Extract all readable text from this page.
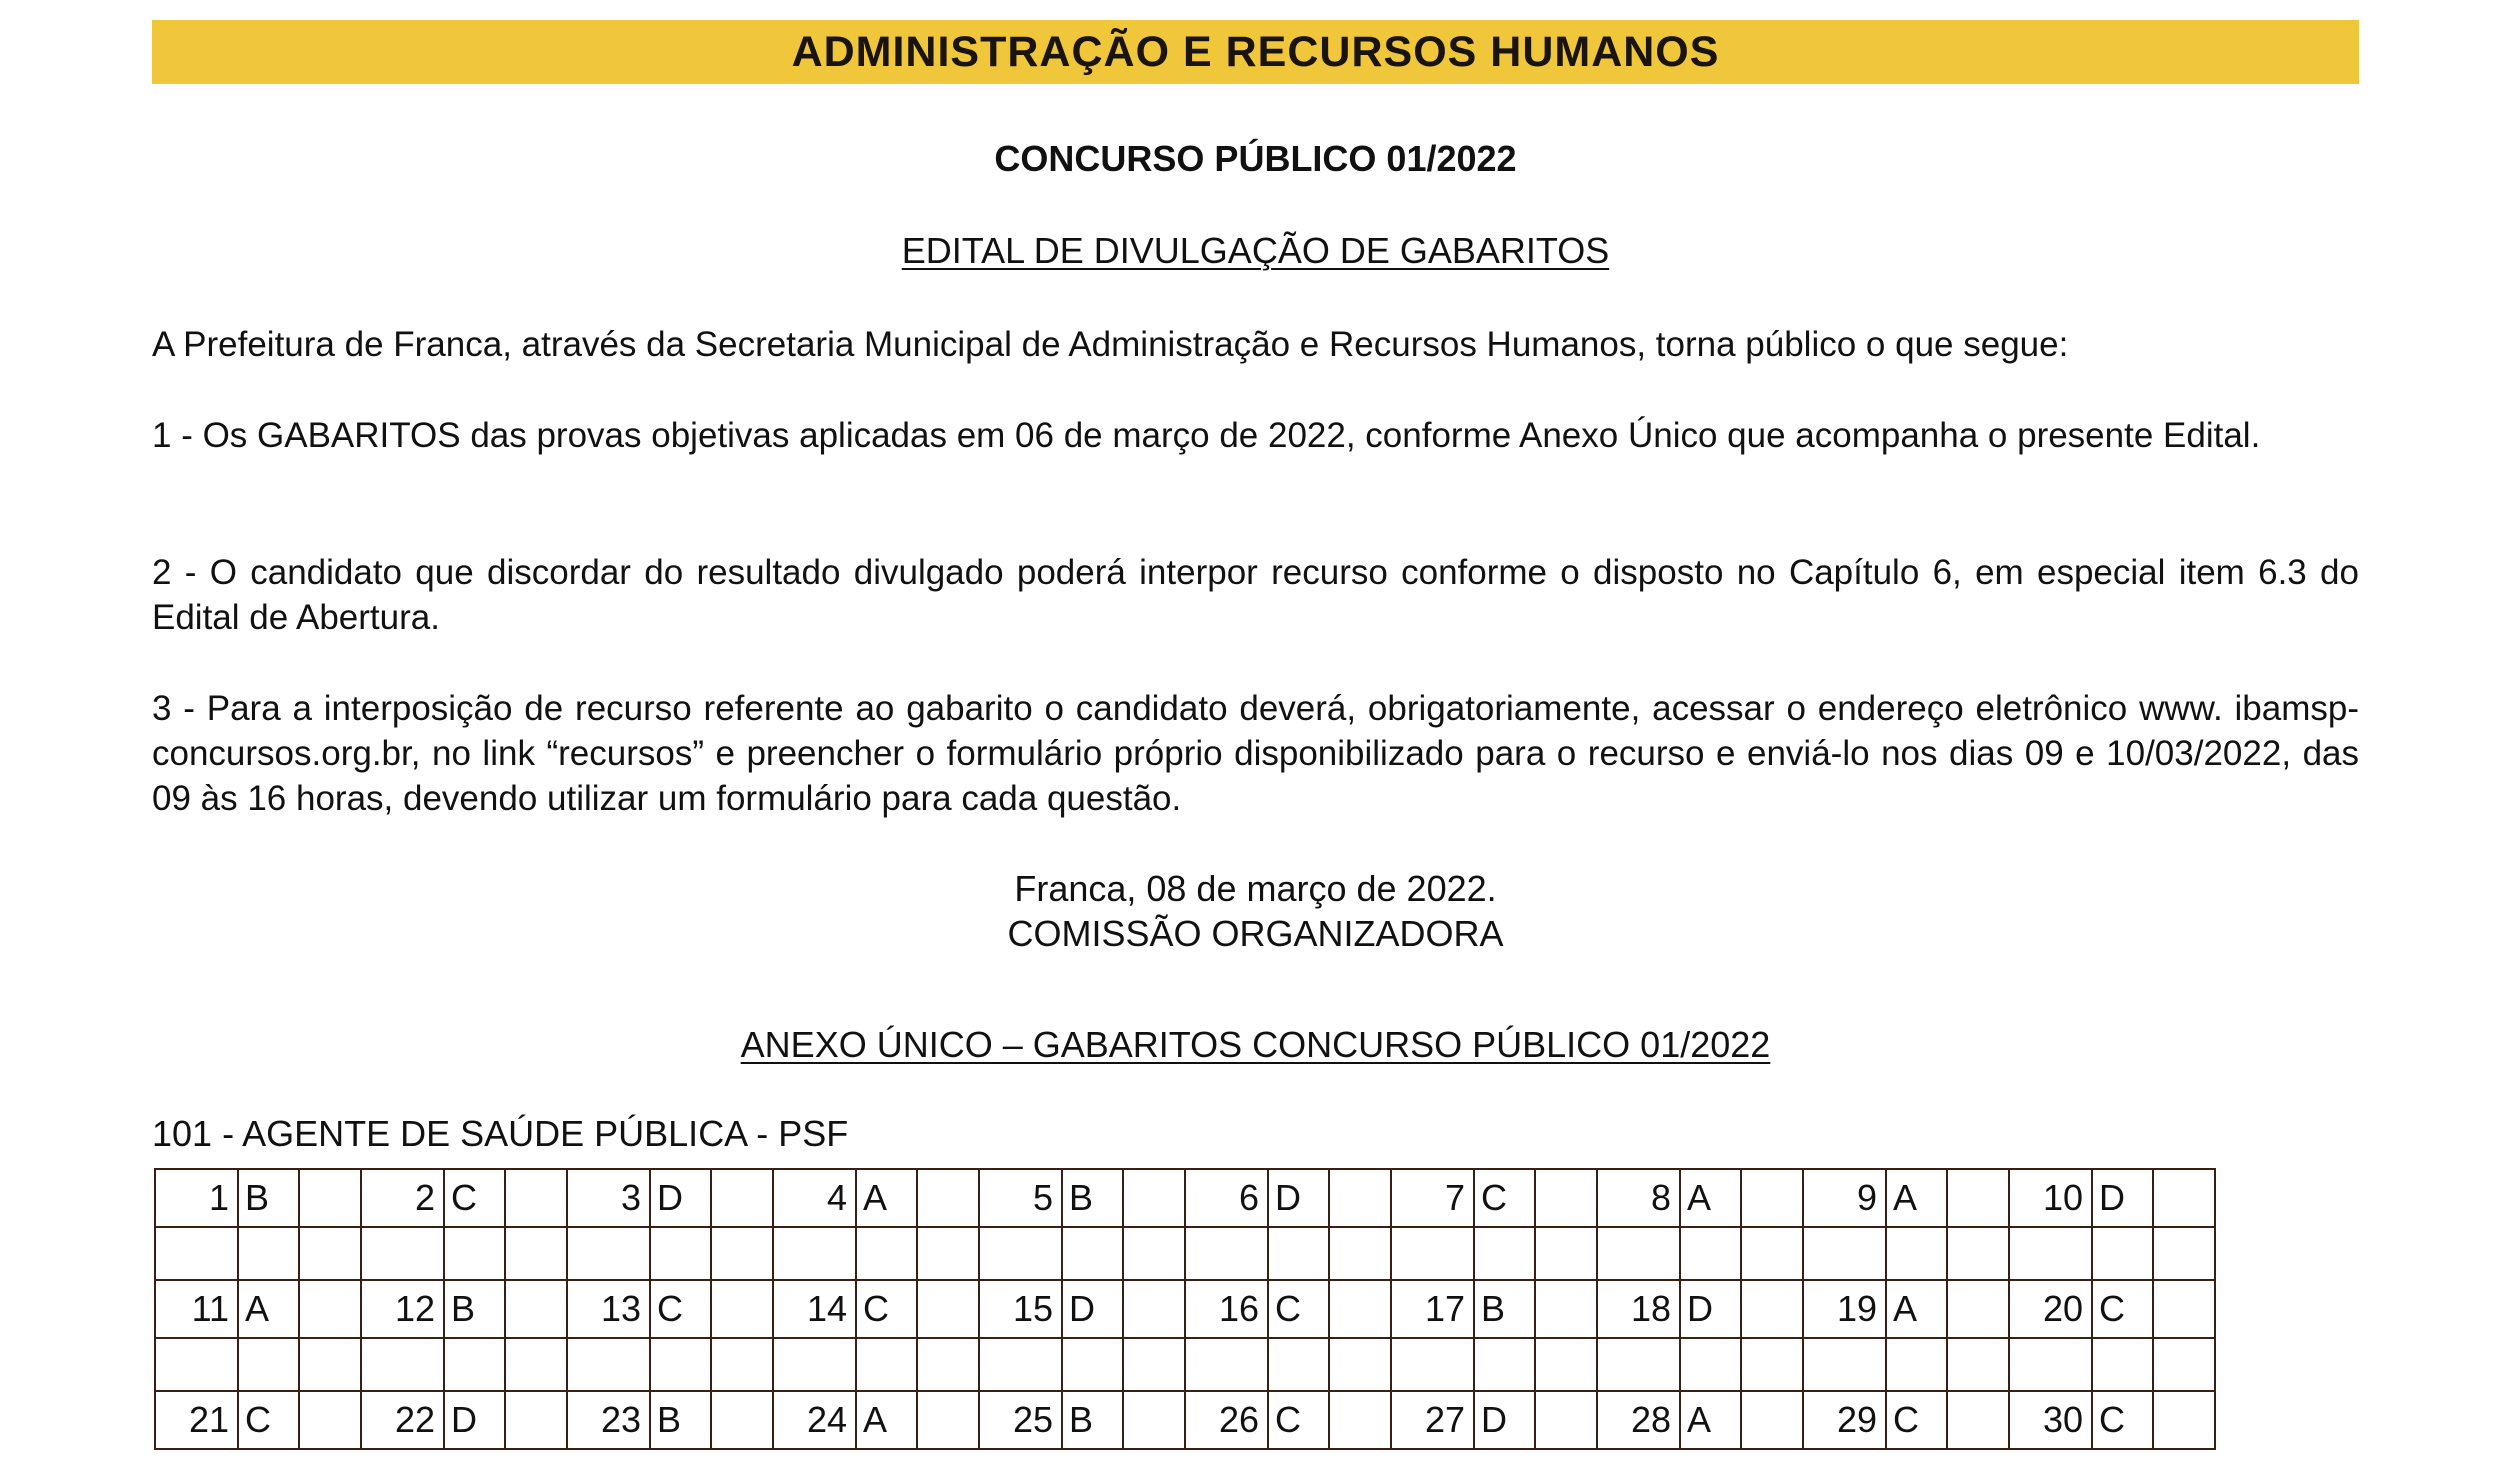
ADMINISTRAÇÃO E RECURSOS HUMANOS
CONCURSO PÚBLICO 01/2022
EDITAL DE DIVULGAÇÃO DE GABARITOS
A Prefeitura de Franca, através da Secretaria Municipal de Administração e Recursos Humanos, torna público o que segue:
1 - Os GABARITOS das provas objetivas aplicadas em 06 de março de 2022, conforme Anexo Único que acompanha o presente Edital.
2 - O candidato que discordar do resultado divulgado poderá interpor recurso conforme o disposto no Capítulo 6, em especial item 6.3 do Edital de Abertura.
3 - Para a interposição de recurso referente ao gabarito o candidato deverá, obrigatoriamente, acessar o endereço eletrônico www. ibamsp-concursos.org.br, no link “recursos” e preencher o formulário próprio disponibilizado para o recurso e enviá-lo nos dias 09 e 10/03/2022, das 09 às 16 horas, devendo utilizar um formulário para cada questão.
Franca, 08 de março de 2022.
COMISSÃO ORGANIZADORA
ANEXO ÚNICO – GABARITOS CONCURSO PÚBLICO 01/2022
101 - AGENTE DE SAÚDE PÚBLICA - PSF
1	B		2	C		3	D		4	A		5	B		6	D		7	C		8	A		9	A		10	D	

11	A		12	B		13	C		14	C		15	D		16	C		17	B		18	D		19	A		20	C	

21	C		22	D		23	B		24	A		25	B		26	C		27	D		28	A		29	C		30	C	
